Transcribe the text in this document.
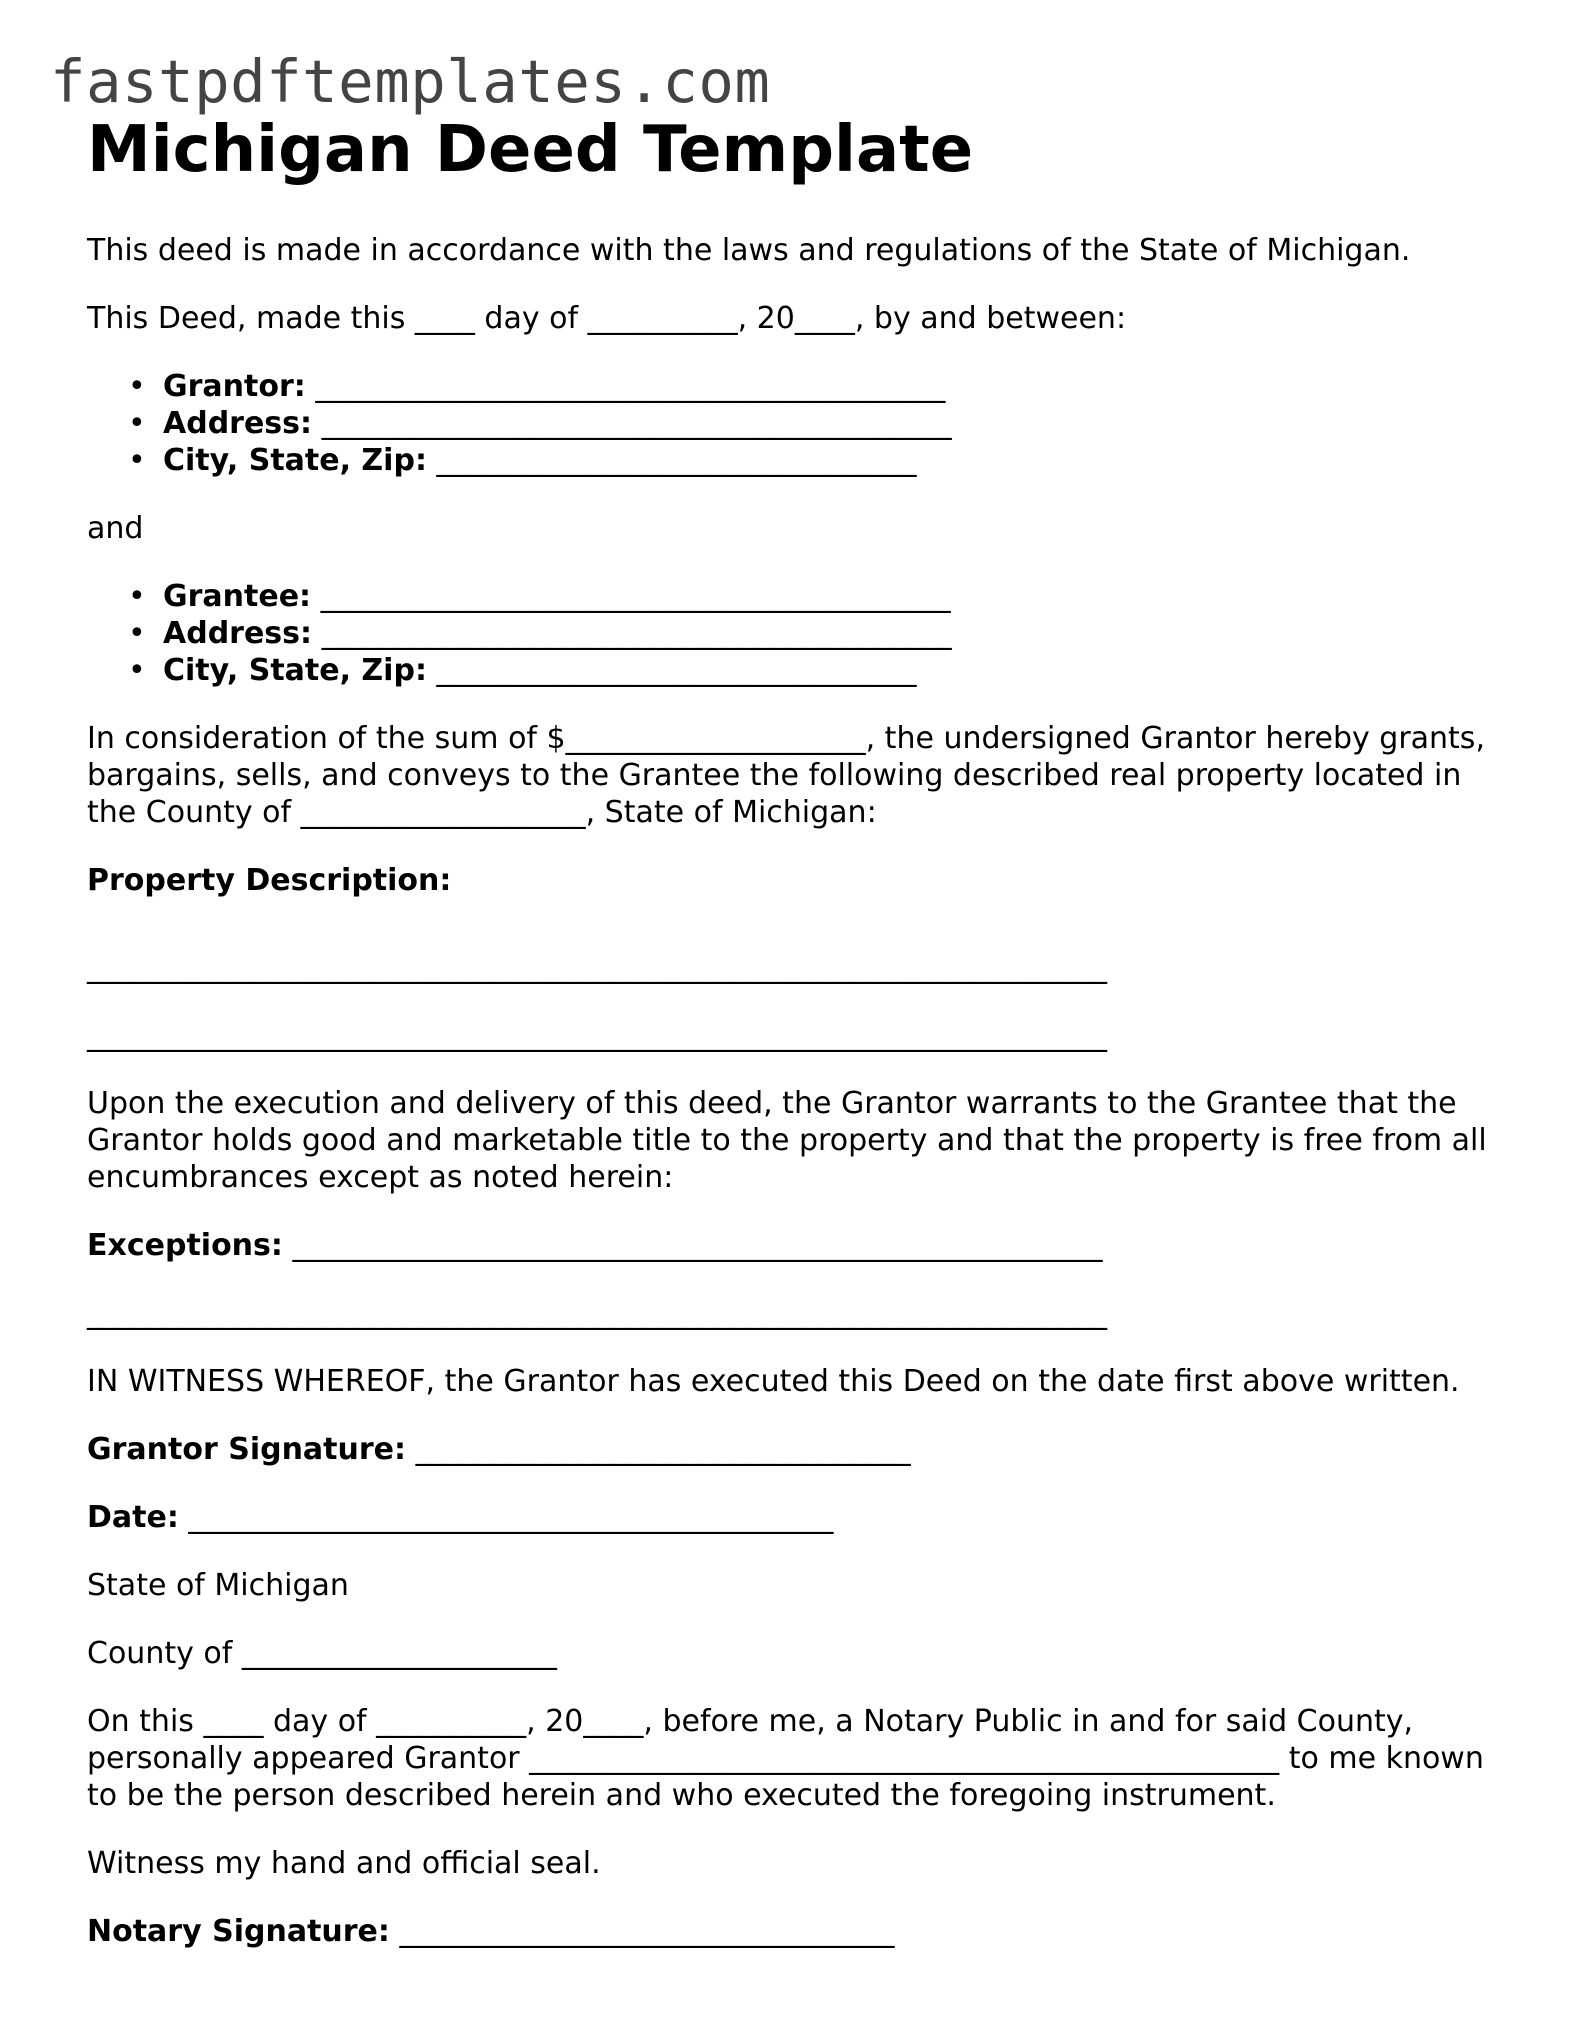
fastpdftemplates.com
Michigan Deed Template

This deed is made in accordance with the laws and regulations of the State of Michigan.

This Deed, made this ____ day of __________, 20____, by and between:

• Grantor: __________________________________________
• Address: __________________________________________
• City, State, Zip: ________________________________

and

• Grantee: __________________________________________
• Address: __________________________________________
• City, State, Zip: ________________________________

In consideration of the sum of $____________________, the undersigned Grantor hereby grants, bargains, sells, and conveys to the Grantee the following described real property located in the County of ___________________, State of Michigan:

Property Description:

____________________________________________________________________

____________________________________________________________________

Upon the execution and delivery of this deed, the Grantor warrants to the Grantee that the Grantor holds good and marketable title to the property and that the property is free from all encumbrances except as noted herein:

Exceptions: ______________________________________________________

____________________________________________________________________

IN WITNESS WHEREOF, the Grantor has executed this Deed on the date first above written.

Grantor Signature: _________________________________

Date: ___________________________________________

State of Michigan

County of _____________________

On this ____ day of __________, 20____, before me, a Notary Public in and for said County, personally appeared Grantor __________________________________________________ to me known to be the person described herein and who executed the foregoing instrument.

Witness my hand and official seal.

Notary Signature: _________________________________
